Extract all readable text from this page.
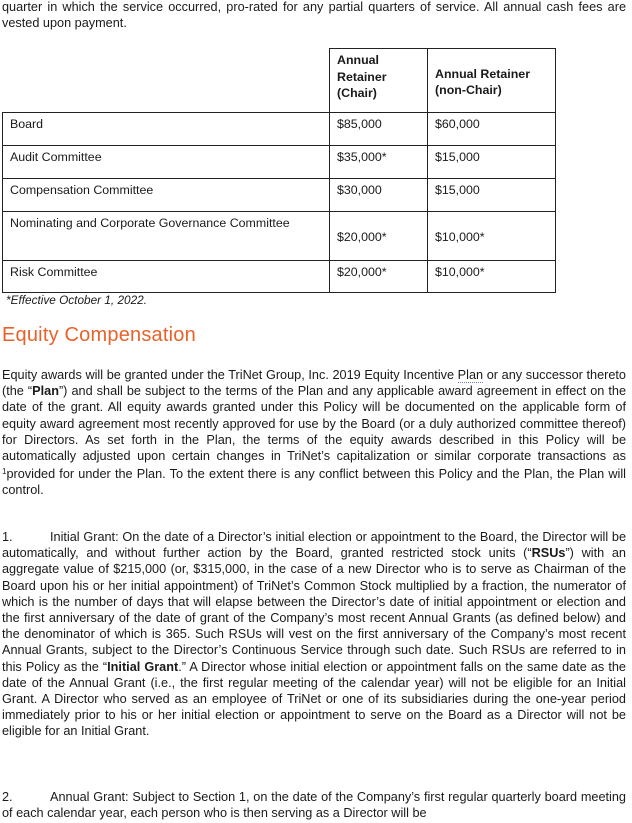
quarter in which the service occurred, pro-rated for any partial quarters of service. All annual cash fees are vested upon payment.

	Annual Retainer (Chair)	Annual Retainer (non-Chair)
Board	$85,000	$60,000
Audit Committee	$35,000*	$15,000
Compensation Committee	$30,000	$15,000
Nominating and Corporate Governance Committee	$20,000*	$10,000*
Risk Committee	$20,000*	$10,000*
*Effective October 1, 2022.
Equity Compensation

Equity awards will be granted under the TriNet Group, Inc. 2019 Equity Incentive Plan or any successor thereto (the “Plan”) and shall be subject to the terms of the Plan and any applicable award agreement in effect on the date of the grant. All equity awards granted under this Policy will be documented on the applicable form of equity award agreement most recently approved for use by the Board (or a duly authorized committee thereof) for Directors. As set forth in the Plan, the terms of the equity awards described in this Policy will be automatically adjusted upon certain changes in TriNet’s capitalization or similar corporate transactions as $^1$provided for under the Plan. To the extent there is any conflict between this Policy and the Plan, the Plan will control.

1.	Initial Grant: On the date of a Director’s initial election or appointment to the Board, the Director will be automatically, and without further action by the Board, granted restricted stock units (“RSUs”) with an aggregate value of $215,000 (or, $315,000, in the case of a new Director who is to serve as Chairman of the Board upon his or her initial appointment) of TriNet’s Common Stock multiplied by a fraction, the numerator of which is the number of days that will elapse between the Director’s date of initial appointment or election and the first anniversary of the date of grant of the Company’s most recent Annual Grants (as defined below) and the denominator of which is 365. Such RSUs will vest on the first anniversary of the Company’s most recent Annual Grants, subject to the Director’s Continuous Service through such date. Such RSUs are referred to in this Policy as the “Initial Grant.” A Director whose initial election or appointment falls on the same date as the date of the Annual Grant (i.e., the first regular meeting of the calendar year) will not be eligible for an Initial Grant. A Director who served as an employee of TriNet or one of its subsidiaries during the one-year period immediately prior to his or her initial election or appointment to serve on the Board as a Director will not be eligible for an Initial Grant.

2.	Annual Grant: Subject to Section 1, on the date of the Company’s first regular quarterly board meeting of each calendar year, each person who is then serving as a Director will be
